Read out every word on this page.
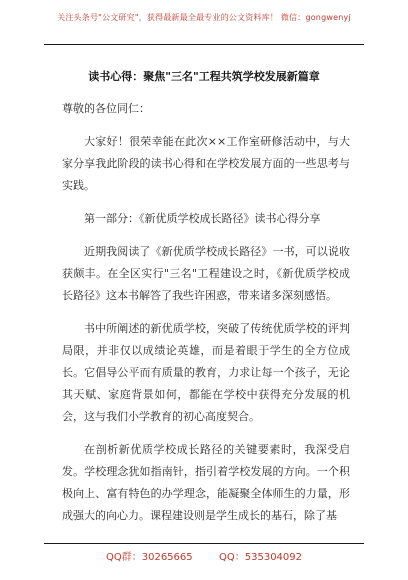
关注头条号"公文研究"，获得最新最全最专业的公文资料库！ 微信：gongwenyj
读书心得：聚焦"三名"工程共筑学校发展新篇章

尊敬的各位同仁：

大家好！很荣幸能在此次××工作室研修活动中，与大家分享我此阶段的读书心得和在学校发展方面的一些思考与实践。

第一部分：《新优质学校成长路径》读书心得分享

近期我阅读了《新优质学校成长路径》一书，可以说收获颇丰。在全区实行"三名"工程建设之时，《新优质学校成长路径》这本书解答了我些许困惑，带来诸多深刻感悟。

书中所阐述的新优质学校，突破了传统优质学校的评判局限，并非仅以成绩论英雄，而是着眼于学生的全方位成长。它倡导公平而有质量的教育，力求让每一个孩子，无论其天赋、家庭背景如何，都能在学校中获得充分发展的机会，这与我们小学教育的初心高度契合。

在剖析新优质学校成长路径的关键要素时，我深受启发。学校理念犹如指南针，指引着学校发展的方向。一个积极向上、富有特色的办学理念，能凝聚全体师生的力量，形成强大的向心力。课程建设则是学生成长的基石，除了基

QQ群：30265665	QQ：535304092
